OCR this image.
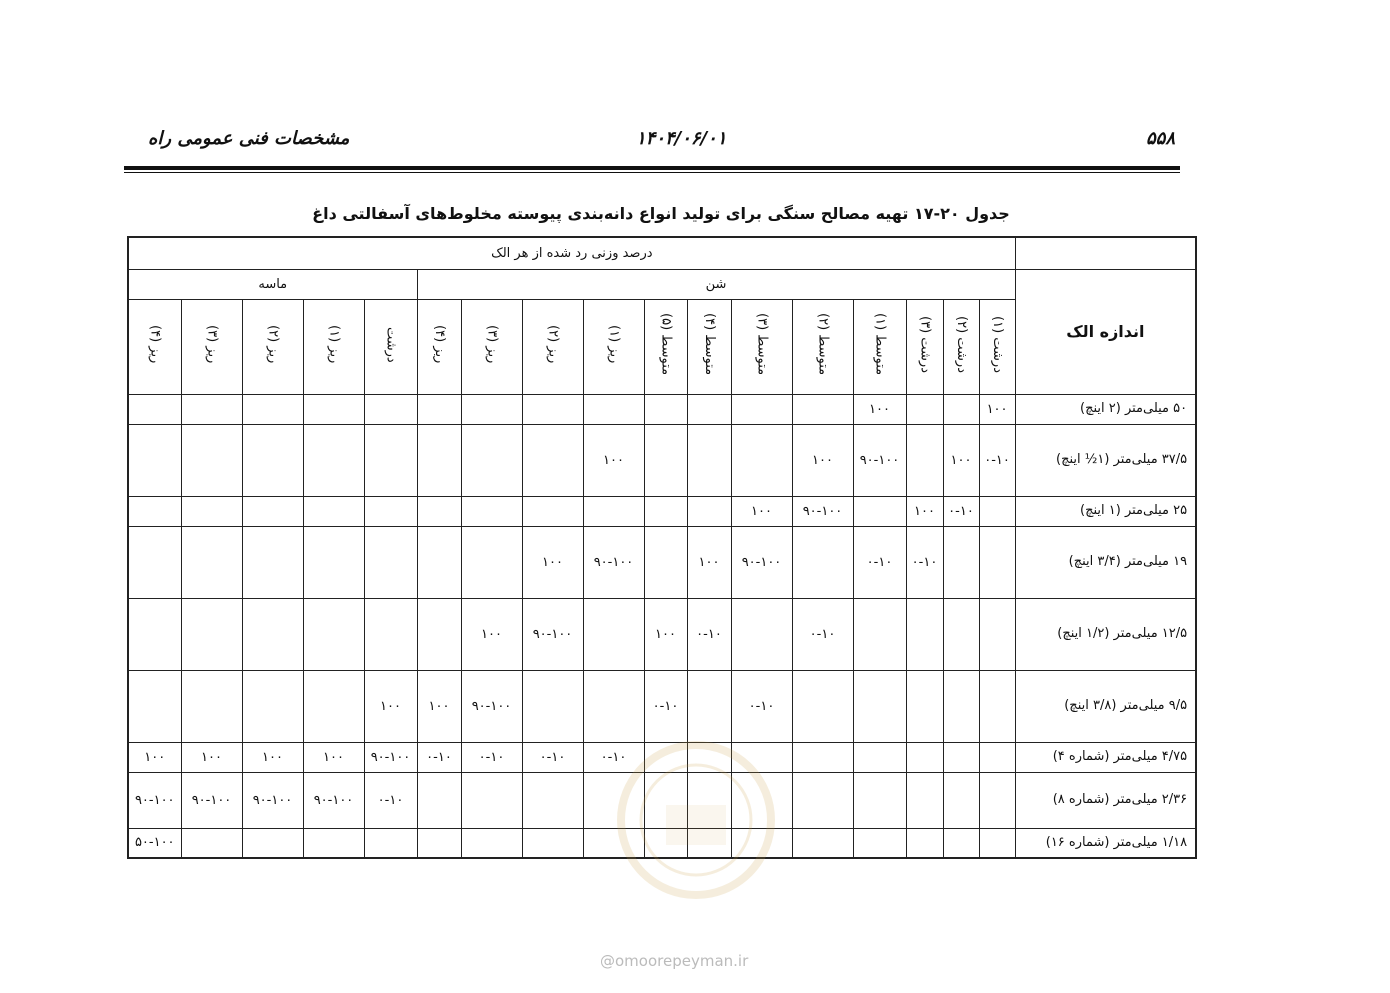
مشخصات فنی عمومی راه	۱۴۰۴/۰۶/۰۱	۵۵۸
جدول ۲۰-۱۷ تهیه مصالح سنگی برای تولید انواع دانه‌بندی پیوسته مخلوط‌های آسفالتی داغ
درصد وزنی رد شده از هر الک																	
ماسه					شن												اندازه الک
ریز (۴)	ریز (۳)	ریز (۲)	ریز (۱)	درشت	ریز (۴)	ریز (۳)	ریز (۲)	ریز (۱)	متوسط (۵)	متوسط (۴)	متوسط (۳)	متوسط (۲)	متوسط (۱)	درشت (۳)	درشت (۲)	درشت (۱)	
													۱۰۰			۱۰۰	۵۰ میلی‌متر (۲ اینچ)
								۱۰۰				۱۰۰	۹۰-۱۰۰		۱۰۰	۰-۱۰	۳۷/۵ میلی‌متر (۱½ اینچ)
											۱۰۰	۹۰-۱۰۰		۱۰۰	۰-۱۰		۲۵ میلی‌متر (۱ اینچ)
							۱۰۰	۹۰-۱۰۰		۱۰۰	۹۰-۱۰۰		۰-۱۰	۰-۱۰			۱۹ میلی‌متر (۳/۴ اینچ)
						۱۰۰	۹۰-۱۰۰		۱۰۰	۰-۱۰		۰-۱۰					۱۲/۵ میلی‌متر (۱/۲ اینچ)
				۱۰۰	۱۰۰	۹۰-۱۰۰			۰-۱۰		۰-۱۰						۹/۵ میلی‌متر (۳/۸ اینچ)
۱۰۰	۱۰۰	۱۰۰	۱۰۰	۹۰-۱۰۰	۰-۱۰	۰-۱۰	۰-۱۰	۰-۱۰									۴/۷۵ میلی‌متر (شماره ۴)
۹۰-۱۰۰	۹۰-۱۰۰	۹۰-۱۰۰	۹۰-۱۰۰	۰-۱۰													۲/۳۶ میلی‌متر (شماره ۸)
۵۰-۱۰۰																	۱/۱۸ میلی‌متر (شماره ۱۶)
@omoorepeyman.ir
